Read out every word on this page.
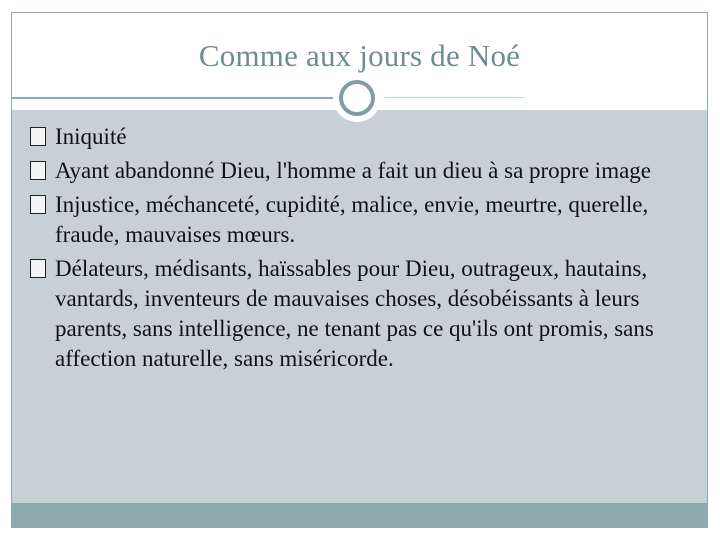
Comme aux jours de Noé
Iniquité
Ayant abandonné Dieu, l'homme a fait un dieu à sa propre image
Injustice, méchanceté, cupidité, malice, envie, meurtre, querelle, fraude, mauvaises mœurs.
Délateurs, médisants, haïssables pour Dieu, outrageux, hautains, vantards, inventeurs de mauvaises choses, désobéissants à leurs parents, sans intelligence, ne tenant pas ce qu'ils ont promis, sans affection naturelle, sans miséricorde.
